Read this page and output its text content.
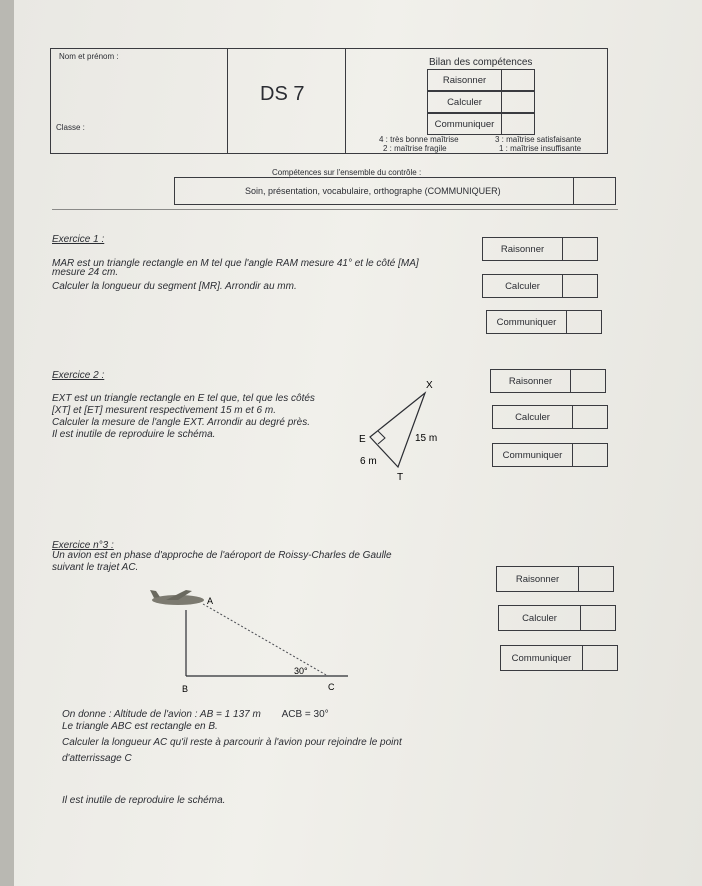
Nom et prénom :
Classe :
DS 7
Bilan des compétences
Raisonner
Calculer
Communiquer
4 : très bonne maîtrise	3 : maîtrise satisfaisante
2 : maîtrise fragile	1 : maîtrise insuffisante
Compétences sur l'ensemble du contrôle :
Soin, présentation, vocabulaire, orthographe (COMMUNIQUER)
Exercice 1 :
MAR est un triangle rectangle en M tel que l'angle RAM mesure 41° et le côté [MA]
mesure 24 cm.
Calculer la longueur du segment [MR]. Arrondir au mm.
Raisonner
Calculer
Communiquer
Exercice 2 :
EXT est un triangle rectangle en E tel que, tel que les côtés
[XT] et [ET] mesurent respectivement 15 m et 6 m.
Calculer la mesure de l'angle EXT. Arrondir au degré près.
Il est inutile de reproduire le schéma.
X
E
T
15 m
6 m
Raisonner
Calculer
Communiquer
Exercice n°3 :
Un avion est en phase d'approche de l'aéroport de Roissy-Charles de Gaulle
suivant le trajet AC.
A
B	C
30°
On donne : Altitude de l'avion : AB = 1 137 m ACB = 30°
Le triangle ABC est rectangle en B.
Calculer la longueur AC qu'il reste à parcourir à l'avion pour rejoindre le point
d'atterrissage C
Il est inutile de reproduire le schéma.
Raisonner
Calculer
Communiquer
